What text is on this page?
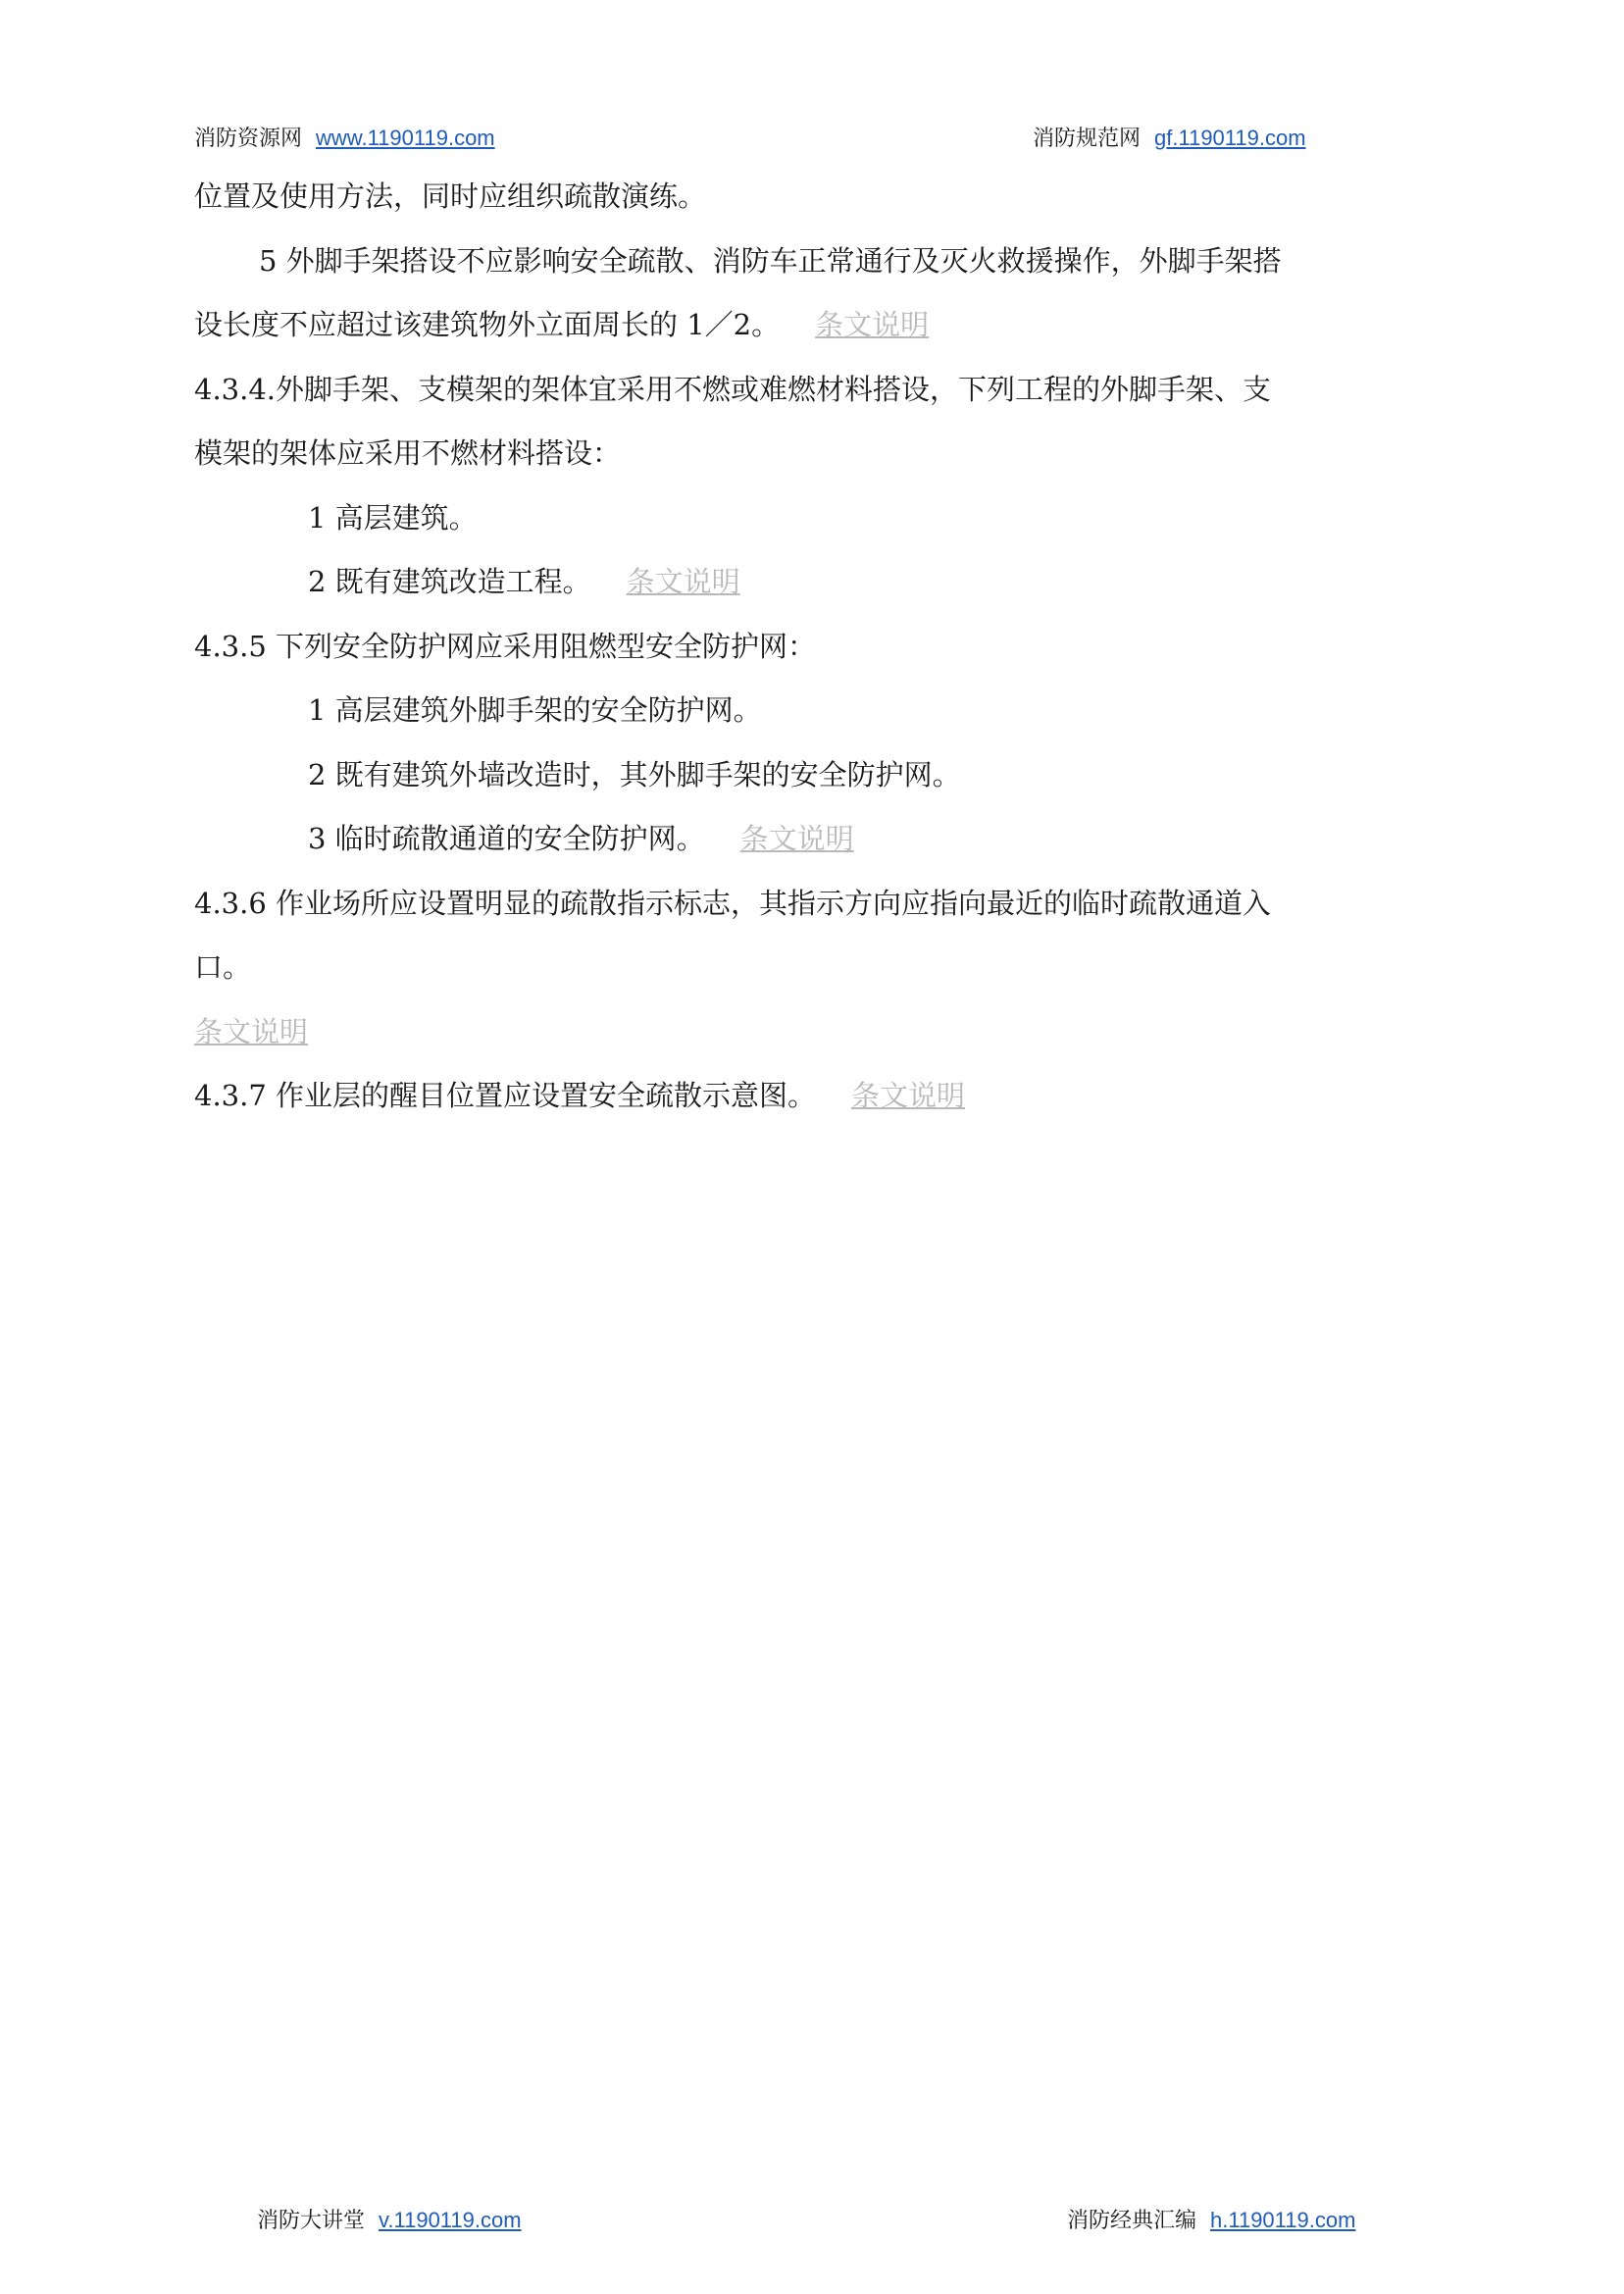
消防资源网 www.1190119.com	消防规范网 gf.1190119.com
位置及使用方法，同时应组织疏散演练。
5 外脚手架搭设不应影响安全疏散、消防车正常通行及灭火救援操作，外脚手架搭
设长度不应超过该建筑物外立面周长的 1／2。 条文说明
4.3.4.外脚手架、支模架的架体宜采用不燃或难燃材料搭设，下列工程的外脚手架、支
模架的架体应采用不燃材料搭设：
1 高层建筑。
2 既有建筑改造工程。 条文说明
4.3.5 下列安全防护网应采用阻燃型安全防护网：
1 高层建筑外脚手架的安全防护网。
2 既有建筑外墙改造时，其外脚手架的安全防护网。
3 临时疏散通道的安全防护网。 条文说明
4.3.6 作业场所应设置明显的疏散指示标志，其指示方向应指向最近的临时疏散通道入
口。
条文说明
4.3.7 作业层的醒目位置应设置安全疏散示意图。 条文说明
消防大讲堂 v.1190119.com	消防经典汇编 h.1190119.com
